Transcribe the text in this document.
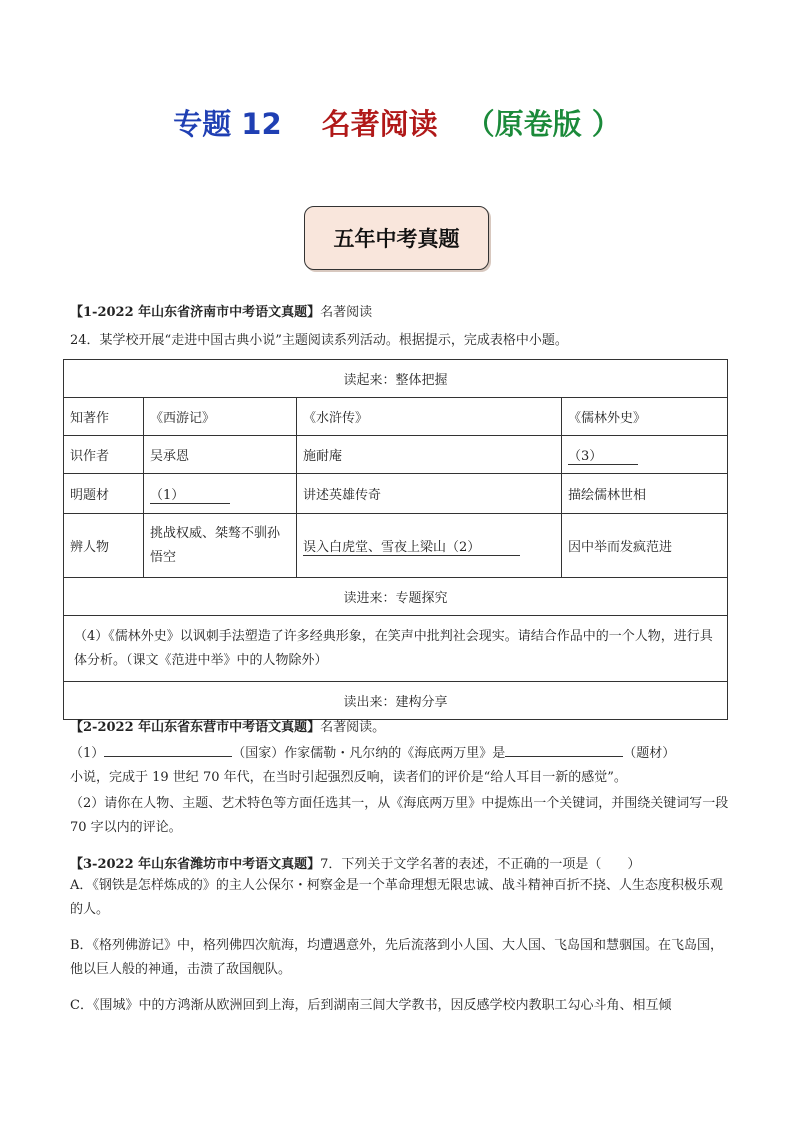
专题 12 名著阅读 （原卷版 ）
五年中考真题
【1-2022 年山东省济南市中考语文真题】名著阅读
24．某学校开展“走进中国古典小说”主题阅读系列活动。根据提示，完成表格中小题。
读起来：整体把握			
知著作	《西游记》	《水浒传》	《儒林外史》
识作者	吴承恩	施耐庵	（3）
明题材	（1）	讲述英雄传奇	描绘儒林世相
辨人物	挑战权威、桀骜不驯孙悟空	误入白虎堂、雪夜上梁山（2）	因中举而发疯范进
读进来：专题探究			
（4）《儒林外史》以讽刺手法塑造了许多经典形象，在笑声中批判社会现实。请结合作品中的一个人物，进行具体分析。（课文《范进中举》中的人物除外）			
读出来：建构分享			
【2-2022 年山东省东营市中考语文真题】名著阅读。
（1）	（国家）作家儒勒・凡尔纳的《海底两万里》是	（题材）
小说，完成于 19 世纪 70 年代，在当时引起强烈反响，读者们的评价是“给人耳目一新的感觉”。
（2）请你在人物、主题、艺术特色等方面任选其一，从《海底两万里》中提炼出一个关键词，并围绕关键词写一段 70 字以内的评论。
【3-2022 年山东省潍坊市中考语文真题】7．下列关于文学名著的表述，不正确的一项是（　　）
A．《钢铁是怎样炼成的》的主人公保尔・柯察金是一个革命理想无限忠诚、战斗精神百折不挠、人生态度积极乐观的人。
B．《格列佛游记》中，格列佛四次航海，均遭遇意外，先后流落到小人国、大人国、飞岛国和慧骃国。在飞岛国，他以巨人般的神通，击溃了敌国舰队。
C．《围城》中的方鸿渐从欧洲回到上海，后到湖南三闾大学教书，因反感学校内教职工勾心斗角、相互倾
